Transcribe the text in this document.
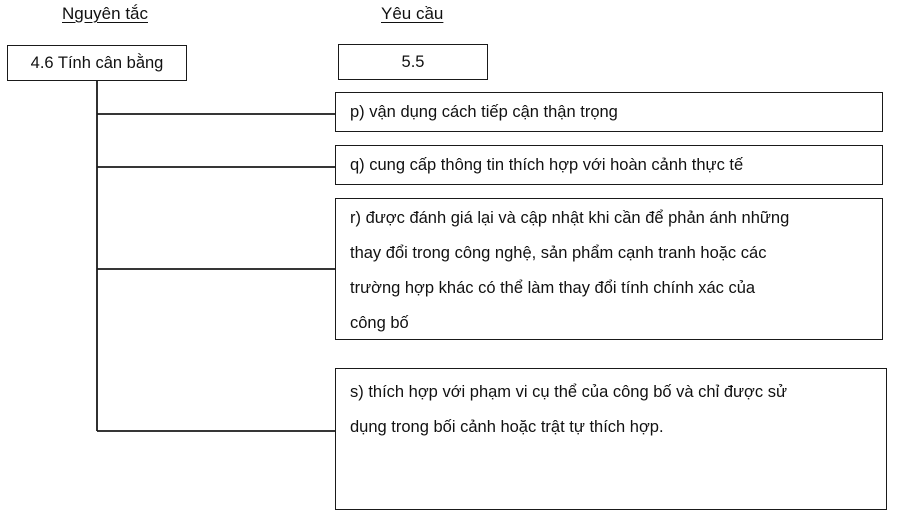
Nguyên tắc	Yêu cầu
4.6 Tính cân bằng	5.5
p) vận dụng cách tiếp cận thận trọng
q) cung cấp thông tin thích hợp với hoàn cảnh thực tế
r) được đánh giá lại và cập nhật khi cần để phản ánh những
thay đổi trong công nghệ, sản phẩm cạnh tranh hoặc các
trường hợp khác có thể làm thay đổi tính chính xác của
công bố
s) thích hợp với phạm vi cụ thể của công bố và chỉ được sử
dụng trong bối cảnh hoặc trật tự thích hợp.
